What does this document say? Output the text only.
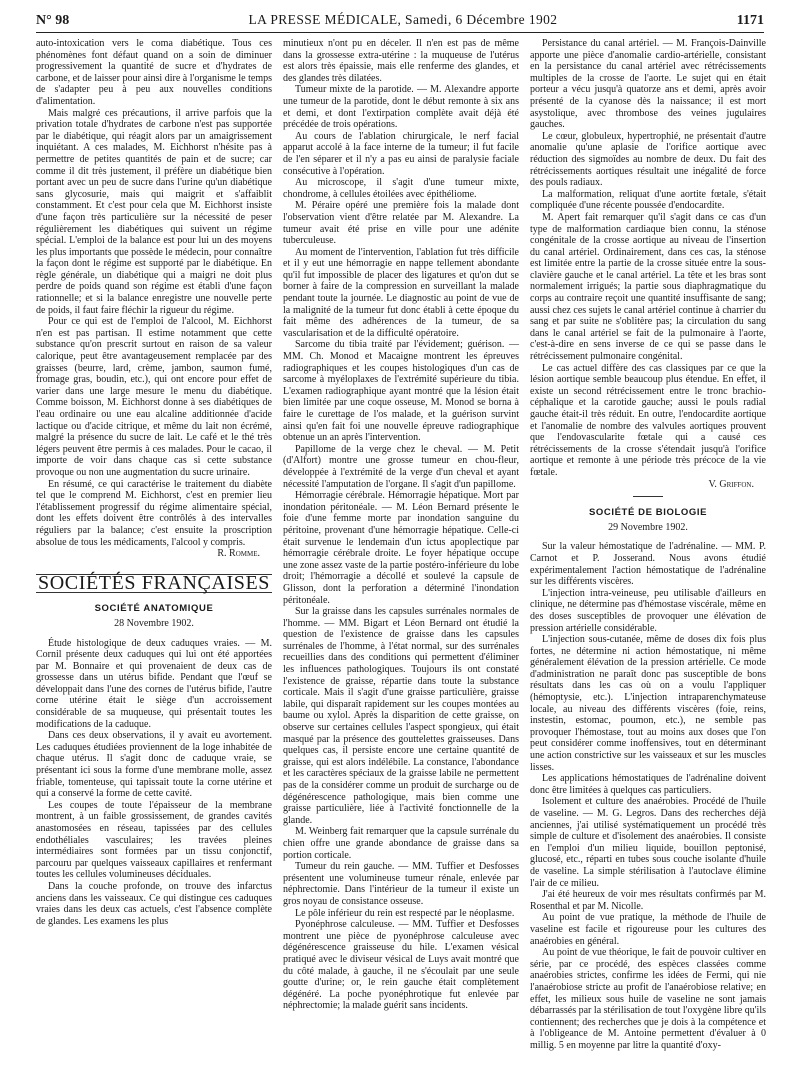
N° 98	LA PRESSE MÉDICALE, Samedi, 6 Décembre 1902	1171

auto-intoxication vers le coma diabétique. Tous ces phénomènes font défaut quand on a soin de diminuer progressivement la quantité de sucre et d'hydrates de carbone, et de laisser pour ainsi dire à l'organisme le temps de s'adapter peu à peu aux nouvelles conditions d'alimentation.

Mais malgré ces précautions, il arrive parfois que la privation totale d'hydrates de carbone n'est pas supportée par le diabétique, qui réagit alors par un amaigrissement inquiétant. A ces malades, M. Eichhorst n'hésite pas à permettre de petites quantités de pain et de sucre; car comme il dit très justement, il préfère un diabétique bien portant avec un peu de sucre dans l'urine qu'un diabétique sans glycosurie, mais qui maigrit et s'affaiblit constamment. Et c'est pour cela que M. Eichhorst insiste d'une façon très particulière sur la nécessité de peser régulièrement les diabétiques qui suivent un régime spécial. L'emploi de la balance est pour lui un des moyens les plus importants que possède le médecin, pour connaître la façon dont le régime est supporté par le diabétique. En règle générale, un diabétique qui a maigri ne doit plus perdre de poids quand son régime est établi d'une façon rationnelle; et si la balance enregistre une nouvelle perte de poids, il faut faire fléchir la rigueur du régime.

Pour ce qui est de l'emploi de l'alcool, M. Eichhorst n'en est pas partisan. Il estime notamment que cette substance qu'on prescrit surtout en raison de sa valeur calorique, peut être avantageusement remplacée par des graisses (beurre, lard, crème, jambon, saumon fumé, fromage gras, boudin, etc.), qui ont encore pour effet de varier dans une large mesure le menu du diabétique. Comme boisson, M. Eichhorst donne à ses diabétiques de l'eau ordinaire ou une eau alcaline additionnée d'acide lactique ou d'acide citrique, et même du lait non écrémé, malgré la présence du sucre de lait. Le café et le thé très légers peuvent être permis à ces malades. Pour le cacao, il importe de voir dans chaque cas si cette substance provoque ou non une augmentation du sucre urinaire.

En résumé, ce qui caractérise le traitement du diabète tel que le comprend M. Eichhorst, c'est en premier lieu l'établissement progressif du régime alimentaire spécial, dont les effets doivent être contrôlés à des intervalles réguliers par la balance; c'est ensuite la proscription absolue de tous les médicaments, l'alcool y compris.

R. Romme.
SOCIÉTÉS FRANÇAISES
SOCIÉTÉ ANATOMIQUE
28 Novembre 1902.

Étude histologique de deux caduques vraies. — M. Cornil présente deux caduques qui lui ont été apportées par M. Bonnaire et qui provenaient de deux cas de grossesse dans un utérus bifide. Pendant que l'œuf se développait dans l'une des cornes de l'utérus bifide, l'autre corne utérine était le siège d'un accroissement considérable de sa muqueuse, qui présentait toutes les modifications de la caduque.

Dans ces deux observations, il y avait eu avortement. Les caduques étudiées proviennent de la loge inhabitée de chaque utérus. Il s'agit donc de caduque vraie, se présentant ici sous la forme d'une membrane molle, assez friable, tomenteuse, qui tapissait toute la corne utérine et qui a conservé la forme de cette cavité.

Les coupes de toute l'épaisseur de la membrane montrent, à un faible grossissement, de grandes cavités anastomosées en réseau, tapissées par des cellules endothéliales vasculaires; les travées pleines intermédiaires sont formées par un tissu conjonctif, parcouru par quelques vaisseaux capillaires et renfermant toutes les cellules volumineuses déciduales.

Dans la couche profonde, on trouve des infarctus anciens dans les vaisseaux. Ce qui distingue ces caduques vraies dans les deux cas actuels, c'est l'absence complète de glandes. Les examens les plus

minutieux n'ont pu en déceler. Il n'en est pas de même dans la grossesse extra-utérine : la muqueuse de l'utérus est alors très épaissie, mais elle renferme des glandes, et des glandes très dilatées.

Tumeur mixte de la parotide. — M. Alexandre apporte une tumeur de la parotide, dont le début remonte à six ans et demi, et dont l'extirpation complète avait déjà été précédée de trois opérations.

Au cours de l'ablation chirurgicale, le nerf facial apparut accolé à la face interne de la tumeur; il fut facile de l'en séparer et il n'y a pas eu ainsi de paralysie faciale consécutive à l'opération.

Au microscope, il s'agit d'une tumeur mixte, chondrome, à cellules étoilées avec épithéliome.

M. Péraire opéré une première fois la malade dont l'observation vient d'être relatée par M. Alexandre. La tumeur avait été prise en ville pour une adénite tuberculeuse.

Au moment de l'intervention, l'ablation fut très difficile et il y eut une hémorragie en nappe tellement abondante qu'il fut impossible de placer des ligatures et qu'on dut se borner à faire de la compression en surveillant la malade pendant toute la journée. Le diagnostic au point de vue de la malignité de la tumeur fut donc établi à cette époque du fait même des adhérences de la tumeur, de sa vascularisation et de la difficulté opératoire.

Sarcome du tibia traité par l'évidement; guérison. — MM. Ch. Monod et Macaigne montrent les épreuves radiographiques et les coupes histologiques d'un cas de sarcome à myéloplaxes de l'extrémité supérieure du tibia. L'examen radiographique ayant montré que la lésion était bien limitée par une coque osseuse, M. Monod se borna à faire le curettage de l'os malade, et la guérison survint ainsi qu'en fait foi une nouvelle épreuve radiographique obtenue un an après l'intervention.

Papillome de la verge chez le cheval. — M. Petit (d'Alfort) montre une grosse tumeur en chou-fleur, développée à l'extrémité de la verge d'un cheval et ayant nécessité l'amputation de l'organe. Il s'agit d'un papillome.

Hémorragie cérébrale. Hémorragie hépatique. Mort par inondation péritonéale. — M. Léon Bernard présente le foie d'une femme morte par inondation sanguine du péritoine, provenant d'une hémorragie hépatique. Celle-ci était survenue le lendemain d'un ictus apoplectique par hémorragie cérébrale droite. Le foyer hépatique occupe une zone assez vaste de la partie postéro-inférieure du lobe droit; l'hémorragie a décollé et soulevé la capsule de Glisson, dont la perforation a déterminé l'inondation péritonéale.

Sur la graisse dans les capsules surrénales normales de l'homme. — MM. Bigart et Léon Bernard ont étudié la question de l'existence de graisse dans les capsules surrénales de l'homme, à l'état normal, sur des surrénales recueillies dans des conditions qui permettent d'éliminer les influences pathologiques. Toujours ils ont constaté l'existence de graisse, répartie dans toute la substance corticale. Mais il s'agit d'une graisse particulière, graisse labile, qui disparaît rapidement sur les coupes montées au baume ou xylol. Après la disparition de cette graisse, on observe sur certaines cellules l'aspect spongieux, qui était masqué par la présence des gouttelettes graisseuses. Dans quelques cas, il persiste encore une certaine quantité de graisse, qui est alors indélébile. La constance, l'abondance et les caractères spéciaux de la graisse labile ne permettent pas de la considérer comme un produit de surcharge ou de dégénérescence pathologique, mais bien comme une graisse particulière, liée à l'activité fonctionnelle de la glande.

M. Weinberg fait remarquer que la capsule surrénale du chien offre une grande abondance de graisse dans sa portion corticale.

Tumeur du rein gauche. — MM. Tuffier et Desfosses présentent une volumineuse tumeur rénale, enlevée par néphrectomie. Dans l'intérieur de la tumeur il existe un gros noyau de consistance osseuse.

Le pôle inférieur du rein est respecté par le néoplasme.

Pyonéphrose calculeuse. — MM. Tuffier et Desfosses montrent une pièce de pyonéphrose calculeuse avec dégénérescence graisseuse du hile. L'examen vésical pratiqué avec le diviseur vésical de Luys avait montré que du côté malade, à gauche, il ne s'écoulait par une seule goutte d'urine; or, le rein gauche était complètement dégénéré. La poche pyonéphrotique fut enlevée par néphrectomie; la malade guérit sans incidents.

Persistance du canal artériel. — M. François-Dainville apporte une pièce d'anomalie cardio-artérielle, consistant en la persistance du canal artériel avec rétrécissements multiples de la crosse de l'aorte. Le sujet qui en était porteur a vécu jusqu'à quatorze ans et demi, après avoir présenté de la cyanose dès la naissance; il est mort asystolique, avec thrombose des veines jugulaires gauches.

Le cœur, globuleux, hypertrophié, ne présentait d'autre anomalie qu'une aplasie de l'orifice aortique avec réduction des sigmoïdes au nombre de deux. Du fait des rétrécissements aortiques résultait une inégalité de force des pouls radiaux.

La malformation, reliquat d'une aortite fœtale, s'était compliquée d'une récente poussée d'endocardite.

M. Apert fait remarquer qu'il s'agit dans ce cas d'un type de malformation cardiaque bien connu, la sténose congénitale de la crosse aortique au niveau de l'insertion du canal artériel. Ordinairement, dans ces cas, la sténose est limitée entre la partie de la crosse située entre la sous-clavière gauche et le canal artériel. La tête et les bras sont normalement irrigués; la partie sous diaphragmatique du corps au contraire reçoit une quantité insuffisante de sang; aussi chez ces sujets le canal artériel continue à charrier du sang et par suite ne s'oblitère pas; la circulation du sang dans le canal artériel se fait de la pulmonaire à l'aorte, c'est-à-dire en sens inverse de ce qui se passe dans le rétrécissement pulmonaire congénital.

Le cas actuel diffère des cas classiques par ce que la lésion aortique semble beaucoup plus étendue. En effet, il existe un second rétrécissement entre le tronc brachio-céphalique et la carotide gauche; aussi le pouls radial gauche était-il très réduit. En outre, l'endocardite aortique et l'anomalie de nombre des valvules aortiques prouvent que l'endovascularite fœtale qui a causé ces rétrécissements de la crosse s'étendait jusqu'à l'orifice aortique et remonte à une période très précoce de la vie fœtale.

V. Griffon.
SOCIÉTÉ DE BIOLOGIE
29 Novembre 1902.

Sur la valeur hémostatique de l'adrénaline. — MM. P. Carnot et P. Josserand. Nous avons étudié expérimentalement l'action hémostatique de l'adrénaline sur les différents viscères.

L'injection intra-veineuse, peu utilisable d'ailleurs en clinique, ne détermine pas d'hémostase viscérale, même en des doses susceptibles de provoquer une élévation de pression artérielle considérable.

L'injection sous-cutanée, même de doses dix fois plus fortes, ne détermine ni action hémostatique, ni même généralement élévation de la pression artérielle. Ce mode d'administration ne paraît donc pas susceptible de bons résultats dans les cas où on a voulu l'appliquer (hémoptysie, etc.). L'injection intraparenchymateuse locale, au niveau des différents viscères (foie, reins, instestin, estomac, poumon, etc.), ne semble pas provoquer l'hémostase, tout au moins aux doses que l'on peut considérer comme inoffensives, tout en déterminant une action constrictive sur les vaisseaux et sur les muscles lisses.

Les applications hémostatiques de l'adrénaline doivent donc être limitées à quelques cas particuliers.

Isolement et culture des anaérobies. Procédé de l'huile de vaseline. — M. G. Legros. Dans des recherches déjà anciennes, j'ai utilisé systématiquement un procédé très simple de culture et d'isolement des anaérobies. Il consiste en l'emploi d'un milieu liquide, bouillon peptonisé, glucosé, etc., réparti en tubes sous couche isolante d'huile de vaseline. La simple stérilisation à l'autoclave élimine l'air de ce milieu.

J'ai été heureux de voir mes résultats confirmés par M. Rosenthal et par M. Nicolle.

Au point de vue pratique, la méthode de l'huile de vaseline est facile et rigoureuse pour les cultures des anaérobies en général.

Au point de vue théorique, le fait de pouvoir cultiver en série, par ce procédé, des espèces classées comme anaérobies strictes, confirme les idées de Fermi, qui nie l'anaérobiose stricte au profit de l'anaérobiose relative; en effet, les milieux sous huile de vaseline ne sont jamais débarrassés par la stérilisation de tout l'oxygène libre qu'ils contiennent; des recherches que je dois à la compétence et à l'obligeance de M. Antoine permettent d'évaluer à 0 millig. 5 en moyenne par litre la quantité d'oxy-
